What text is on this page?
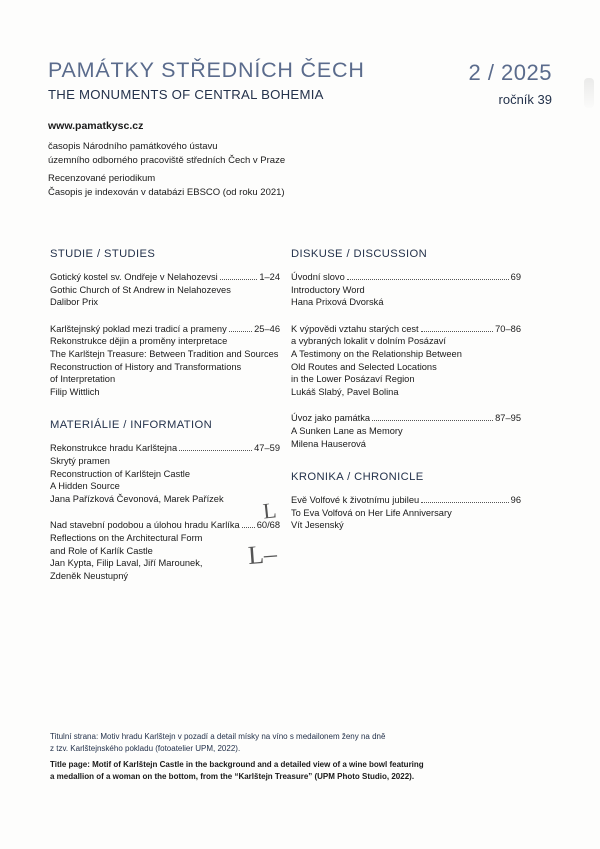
PAMÁTKY STŘEDNÍCH ČECH
THE MONUMENTS OF CENTRAL BOHEMIA
2 / 2025
ročník 39
www.pamatkysc.cz
časopis Národního památkového ústavu
územního odborného pracoviště středních Čech v Praze
Recenzované periodikum
Časopis je indexován v databázi EBSCO (od roku 2021)
STUDIE / STUDIES
Gotický kostel sv. Ondřeje v Nelahozevsi	1–24
Gothic Church of St Andrew in Nelahozeves
Dalibor Prix
Karlštejnský poklad mezi tradicí a prameny	25–46
Rekonstrukce dějin a proměny interpretace
The Karlštejn Treasure: Between Tradition and Sources
Reconstruction of History and Transformations
of Interpretation
Filip Wittlich
MATERIÁLIE / INFORMATION
Rekonstrukce hradu Karlštejna	47–59
Skrytý pramen
Reconstruction of Karlštejn Castle
A Hidden Source
Jana Pařízková Čevonová, Marek Pařízek
Nad stavební podobou a úlohou hradu Karlíka 60/68
Reflections on the Architectural Form
and Role of Karlík Castle
Jan Kypta, Filip Laval, Jiří Marounek,
Zdeněk Neustupný
DISKUSE / DISCUSSION
Úvodní slovo	69
Introductory Word
Hana Prixová Dvorská
K výpovědi vztahu starých cest	70–86
a vybraných lokalit v dolním Posázaví
A Testimony on the Relationship Between
Old Routes and Selected Locations
in the Lower Posázaví Region
Lukáš Slabý, Pavel Bolina
Úvoz jako památka	87–95
A Sunken Lane as Memory
Milena Hauserová
KRONIKA / CHRONICLE
Evě Volfové k životnímu jubileu	96
To Eva Volfová on Her Life Anniversary
Vít Jesenský
L
L–
Titulní strana: Motiv hradu Karlštejn v pozadí a detail mísky na víno s medailonem ženy na dně
z tzv. Karlštejnského pokladu (fotoatelier UPM, 2022).
Title page: Motif of Karlštejn Castle in the background and a detailed view of a wine bowl featuring
a medallion of a woman on the bottom, from the “Karlštejn Treasure” (UPM Photo Studio, 2022).
